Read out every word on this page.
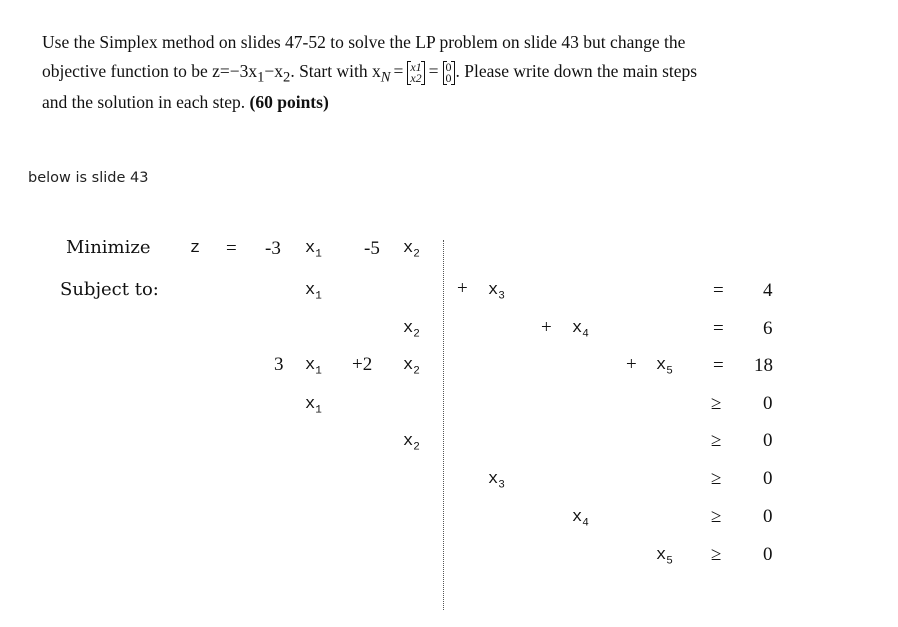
Use the Simplex method on slides 47-52 to solve the LP problem on slide 43 but change the
objective function to be $z=-3x_1-x_2$. Start with $x_N = x1$
x2 = 0
0 . Please write down the main steps
and the solution in each step. (60 points)
below is slide 43
Minimize z = -3 $x_1$ -5 $x_2$
Subject to:	$x_1$	+ $x_3$	= 4
$x_2$	+ $x_4$	= 6
3 $x_1 +2$ $x_2$	+ $x_5 = 18$
$x_1$	≥ 0
$x_2$	≥ 0
$x_3$	≥ 0
$x_4$	≥ 0
$x_5 \ge 0$
